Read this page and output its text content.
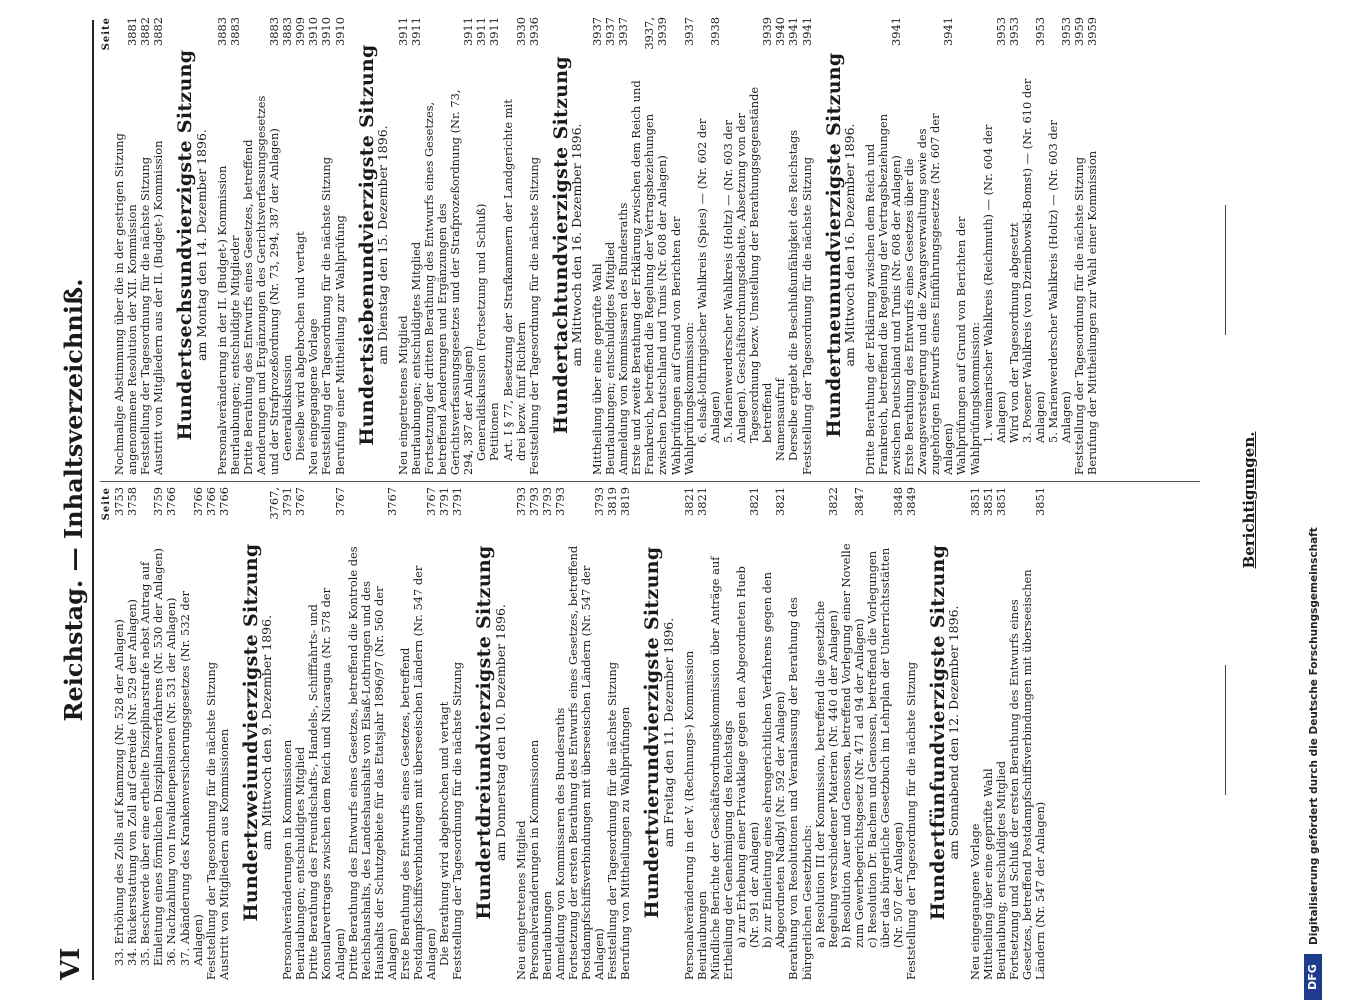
VI
Reichstag. — Inhaltsverzeichniß. Seite
33. Erhöhung des Zolls auf Kammzug (Nr. 528 der Anlagen)
3753
34. Rückerstattung von Zoll auf Getreide (Nr. 529 der Anlagen)
3758
35. Beschwerde über eine ertheilte Disziplinarstrafe nebst Antrag auf Einleitung eines förmlichen Disziplinarverfahrens (Nr. 530 der Anlagen)
3759
36. Nachzahlung von Invalidenpensionen (Nr. 531 der Anlagen)
3766
37. Abänderung des Krankenversicherungsgesetzes (Nr. 532 der Anlagen)
3766
Feststellung der Tagesordnung für die nächste Sitzung
3766
Austritt von Mitgliedern aus Kommissionen
3766
Hundertzweiundvierzigste Sitzung
am Mittwoch den 9. Dezember 1896.
Personalveränderungen in Kommissionen
3767, 3791
Beurlaubungen; entschuldigtes Mitglied
3767
Dritte Berathung des Freundschafts-, Handels-, Schifffahrts- und Konsularvertrages zwischen dem Reich und Nicaragua (Nr. 578 der Anlagen)
3767
Dritte Berathung des Entwurfs eines Gesetzes, betreffend die Kontrole des Reichshaushalts, des Landeshaushalts von Elsaß-Lothringen und des Haushalts der Schutzgebiete für das Etatsjahr 1896/97 (Nr. 560 der Anlagen)
3767
Erste Berathung des Entwurfs eines Gesetzes, betreffend Postdampfschiffsverbindungen mit überseeischen Ländern (Nr. 547 der Anlagen)
3767
Die Berathung wird abgebrochen und vertagt
3791
Feststellung der Tagesordnung für die nächste Sitzung
3791
Hundertdreiundvierzigste Sitzung
am Donnerstag den 10. Dezember 1896.
Neu eingetretenes Mitglied
3793
Personalveränderungen in Kommissionen
3793
Beurlaubungen
3793
Anmeldung von Kommissaren des Bundesraths
3793
Fortsetzung der ersten Berathung des Entwurfs eines Gesetzes, betreffend Postdampfschiffsverbindungen mit überseeischen Ländern (Nr. 547 der Anlagen)
3793
Feststellung der Tagesordnung für die nächste Sitzung
3819
Berufung von Mittheilungen zu Wahlprüfungen
3819
Hundertvierundvierzigste Sitzung
am Freitag den 11. Dezember 1896. Personalveränderung in der V. (Rechnungs-) Kommission
3821
Beurlaubungen
3821
Mündliche Berichte der Geschäftsordnungskommission über Anträge auf Ertheilung der Genehmigung des Reichstags a) zur Erhebung einer Privatklage gegen den Abgeordneten Hueb (Nr. 591 der Anlagen)
3821
b) zur Einleitung eines ehrengerichtlichen Verfahrens gegen den Abgeordneten Nadbyl (Nr. 592 der Anlagen)
3821
Berathung von Resolutionen und Veranlassung der Berathung des bürgerlichen Gesetzbuchs: a) Resolution III der Kommission, betreffend die gesetzliche Regelung verschiedener Materien (Nr. 440 d der Anlagen)
3822
b) Resolution Auer und Genossen, betreffend Vorlegung einer Novelle zum Gewerbegerichtsgesetz (Nr. 471 ad 94 der Anlagen)
3847
c) Resolution Dr. Bachem und Genossen, betreffend die Vorlegungen über das bürgerliche Gesetzbuch im Lehrplan der Unterrichtsstätten (Nr. 507 der Anlagen)
3848
Feststellung der Tagesordnung für die nächste Sitzung
3849
Hundertfünfundvierzigste Sitzung
am Sonnabend den 12. Dezember 1896.
Neu eingegangene Vorlage
3851
Mittheilung über eine geprüfte Wahl
3851
Beurlaubung; entschuldigtes Mitglied
3851
Fortsetzung und Schluß der ersten Berathung des Entwurfs eines Gesetzes, betreffend Postdampfschiffsverbindungen mit überseeischen Ländern (Nr. 547 der Anlagen)
3851
Seite
Nochmalige Abstimmung über die in der gestrigen Sitzung angenommene Resolution der XII. Kommission
3881
Feststellung der Tagesordnung für die nächste Sitzung
3882
Austritt von Mitgliedern aus der II. (Budget-) Kommission
3882
Hundertsechsundvierzigste Sitzung
am Montag den 14. Dezember 1896. Personalveränderung in der II. (Budget-) Kommission
3883
Beurlaubungen; entschuldigte Mitglieder
3883
Dritte Berathung des Entwurfs eines Gesetzes, betreffend Aenderungen und Ergänzungen des Gerichtsverfassungsgesetzes und der Strafprozeßordnung (Nr. 73, 294, 387 der Anlagen)
3883
Generaldiskussion
3883
Dieselbe wird abgebrochen und vertagt
3909
Neu eingegangene Vorlage
3910
Feststellung der Tagesordnung für die nächste Sitzung
3910
Berufung einer Mittheilung zur Wahlprüfung
3910
Hundertsiebenundvierzigste Sitzung
am Dienstag den 15. Dezember 1896.
Neu eingetretenes Mitglied
3911
Beurlaubungen; entschuldigtes Mitglied
3911
Fortsetzung der dritten Berathung des Entwurfs eines Gesetzes, betreffend Aenderungen und Ergänzungen des Gerichtsverfassungsgesetzes und der Strafprozeßordnung (Nr. 73, 294, 387 der Anlagen)
3911
Generaldiskussion (Fortsetzung und Schluß)
3911
Petitionen
3911
Art. I § 77, Besetzung der Strafkammern der Landgerichte mit drei bezw. fünf Richtern
3930
Feststellung der Tagesordnung für die nächste Sitzung
3936
Hundertachtundvierzigste Sitzung
am Mittwoch den 16. Dezember 1896.
Mittheilung über eine geprüfte Wahl
3937
Beurlaubungen; entschuldigtes Mitglied
3937
Anmeldung von Kommissaren des Bundesraths
3937
Erste und zweite Berathung der Erklärung zwischen dem Reich und Frankreich, betreffend die Regelung der Vertragsbeziehungen zwischen Deutschland und Tunis (Nr. 608 der Anlagen)
3937, 3939
Wahlprüfungen auf Grund von Berichten der Wahlprüfungskommission:
3937
6. elsaß-lothringischer Wahlkreis (Spies) — (Nr. 602 der Anlagen)
3938
5. Marienwerderscher Wahlkreis (Holtz) — (Nr. 603 der Anlagen). Geschäftsordnungsdebatte, Absetzung von der Tagesordnung bezw. Umstellung der Berathungsgegenstände betreffend
3939
Namensaufruf
3940
Derselbe ergiebt die Beschlußunfähigkeit des Reichstags
3941
Feststellung der Tagesordnung für die nächste Sitzung
3941
Hundertneunundvierzigste Sitzung
am Mittwoch den 16. Dezember 1896. Dritte Berathung der Erklärung zwischen dem Reich und Frankreich, betreffend die Regelung der Vertragsbeziehungen zwischen Deutschland und Tunis (Nr. 608 der Anlagen)
3941
Erste Berathung des Entwurfs eines Gesetzes über die Zwangsversteigerung und die Zwangsverwaltung sowie des zugehörigen Entwurfs eines Einführungsgesetzes (Nr. 607 der Anlagen)
3941
Wahlprüfungen auf Grund von Berichten der Wahlprüfungskommission: 1. weimarischer Wahlkreis (Reichmuth) — (Nr. 604 der Anlagen)
3953
Wird von der Tagesordnung abgesetzt
3953
3. Posener Wahlkreis (von Dziembowski-Bomst) — (Nr. 610 der Anlagen)
3953
5. Marienwerderscher Wahlkreis (Holtz) — (Nr. 603 der Anlagen)
3953
Feststellung der Tagesordnung für die nächste Sitzung
3959
Berufung der Mittheilungen zur Wahl einer Kommission
3959
Berichtigungen.
DFG
Digitalisierung gefördert durch die Deutsche Forschungsgemeinschaft
